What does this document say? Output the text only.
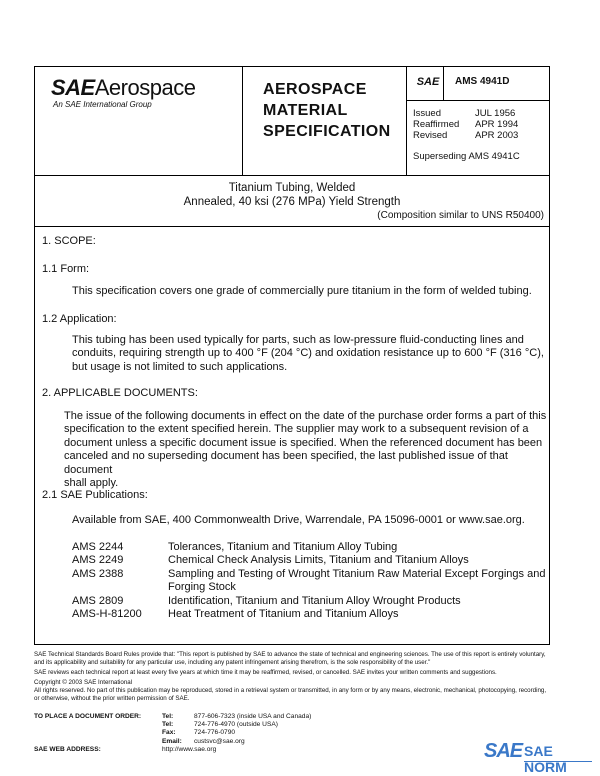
SAEAerospace
An SAE International Group
AEROSPACE
MATERIAL
SPECIFICATION
SAE	AMS 4941D
Issued	JUL 1956
Reaffirmed	APR 1994
Revised	APR 2003
Superseding AMS 4941C
Titanium Tubing, Welded
Annealed, 40 ksi (276 MPa) Yield Strength
(Composition similar to UNS R50400)
1. SCOPE:
1.1 Form:
This specification covers one grade of commercially pure titanium in the form of welded tubing.
1.2 Application:
This tubing has been used typically for parts, such as low-pressure fluid-conducting lines and
conduits, requiring strength up to 400 °F (204 °C) and oxidation resistance up to 600 °F (316 °C),
but usage is not limited to such applications.
2. APPLICABLE DOCUMENTS:
The issue of the following documents in effect on the date of the purchase order forms a part of this
specification to the extent specified herein. The supplier may work to a subsequent revision of a
document unless a specific document issue is specified. When the referenced document has been
canceled and no superseding document has been specified, the last published issue of that document
shall apply.
2.1 SAE Publications:
Available from SAE, 400 Commonwealth Drive, Warrendale, PA 15096-0001 or www.sae.org.
AMS 2244	Tolerances, Titanium and Titanium Alloy Tubing
AMS 2249	Chemical Check Analysis Limits, Titanium and Titanium Alloys
AMS 2388	Sampling and Testing of Wrought Titanium Raw Material Except Forgings and Forging Stock
AMS 2809	Identification, Titanium and Titanium Alloy Wrought Products
AMS-H-81200	Heat Treatment of Titanium and Titanium Alloys

SAE Technical Standards Board Rules provide that: "This report is published by SAE to advance the state of technical and engineering sciences. The use of this report is entirely voluntary, and its applicability and suitability for any particular use, including any patent infringement arising therefrom, is the sole responsibility of the user."

SAE reviews each technical report at least every five years at which time it may be reaffirmed, revised, or cancelled. SAE invites your written comments and suggestions.

Copyright © 2003 SAE International

All rights reserved. No part of this publication may be reproduced, stored in a retrieval system or transmitted, in any form or by any means, electronic, mechanical, photocopying, recording, or otherwise, without the prior written permission of SAE.

TO PLACE A DOCUMENT ORDER:	Tel:	877-606-7323 (inside USA and Canada)
Tel:	724-776-4970 (outside USA)
Fax:	724-776-0790
Email:	custsvc@sae.org
SAE WEB ADDRESS:	http://www.sae.org	SAE SAE NORM
